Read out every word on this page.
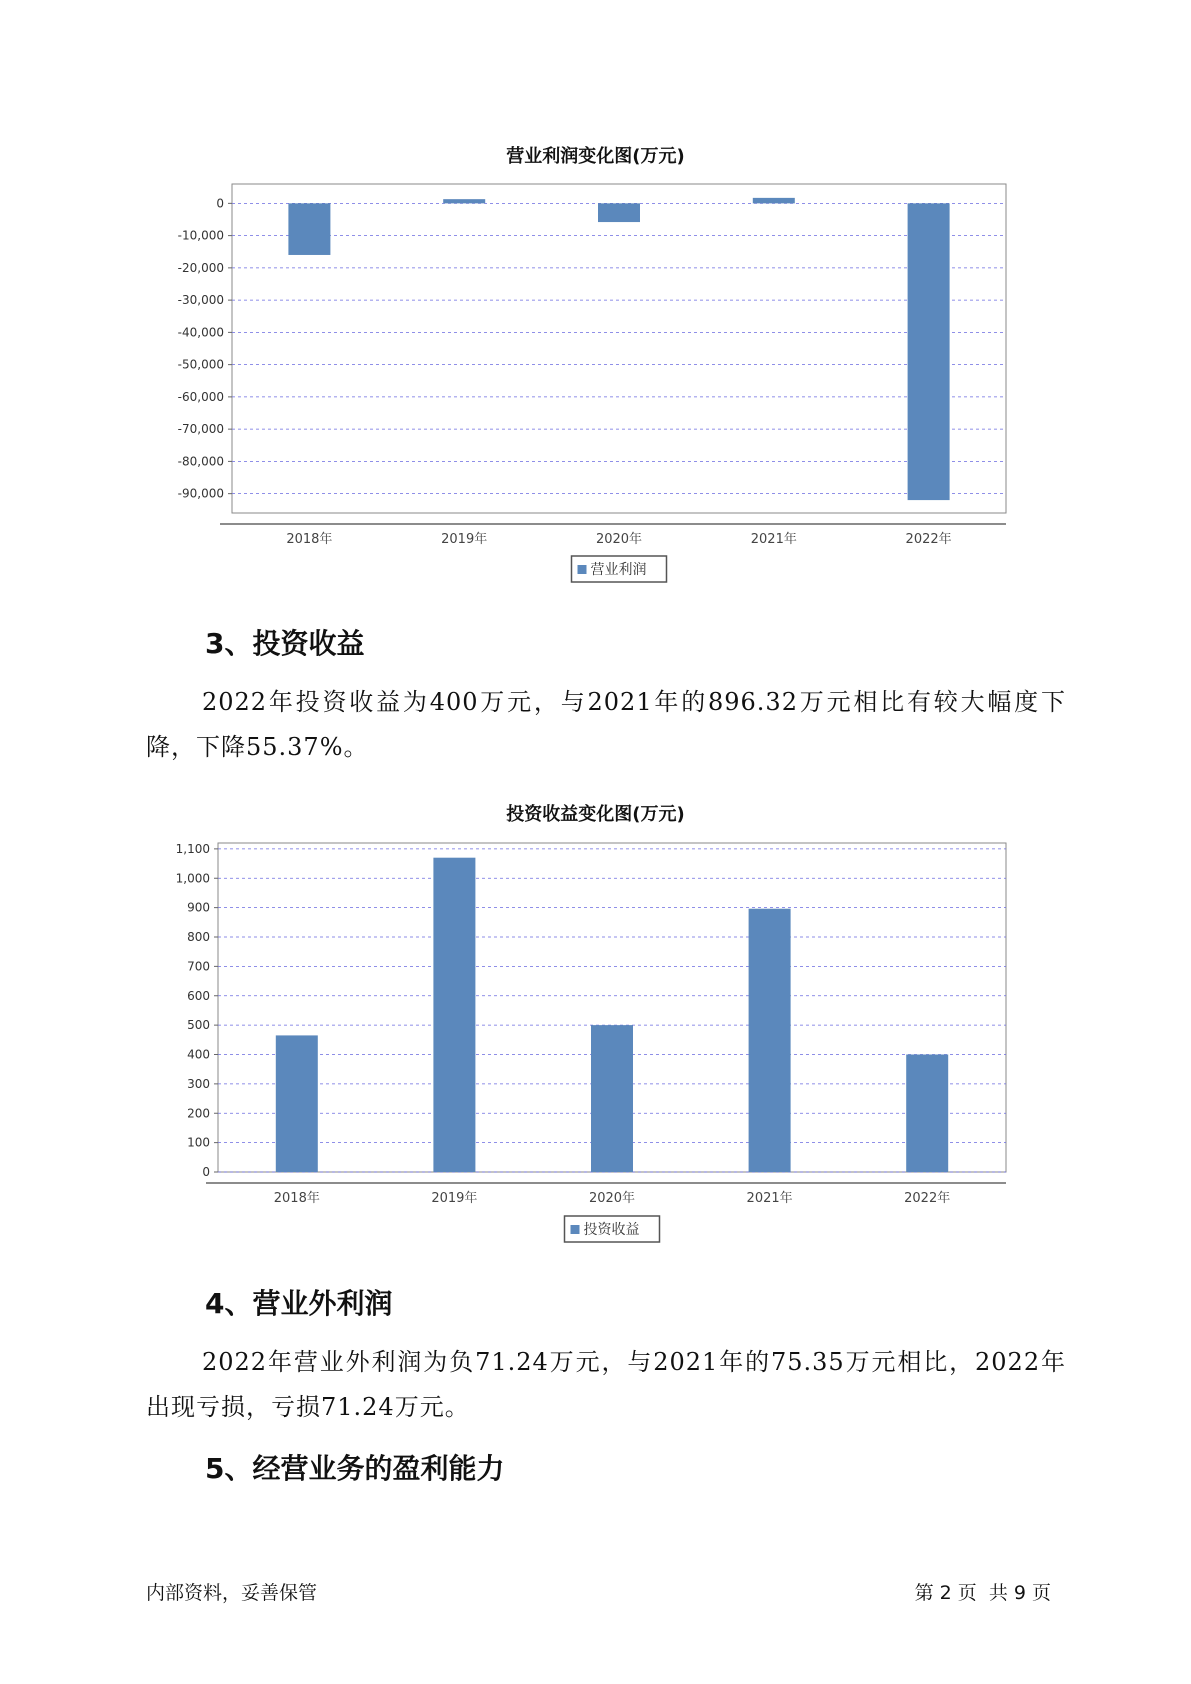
营业利润变化图(万元)
0
-10,000
-20,000
-30,000
-40,000
-50,000
-60,000
-70,000
-80,000
-90,000
2018年	2019年	2020年	2021年	2022年
营业利润
3、投资收益
2022年投资收益为400万元，与2021年的896.32万元相比有较大幅度下降，下降55.37%。
投资收益变化图(万元)
0
100
200
300
400
500
600
700
800
900
1,000
1,100
2018年	2019年	2020年	2021年	2022年
投资收益
4、营业外利润
2022年营业外利润为负71.24万元，与2021年的75.35万元相比，2022年出现亏损，亏损71.24万元。
5、经营业务的盈利能力
内部资料，妥善保管	第 2 页  共 9 页
